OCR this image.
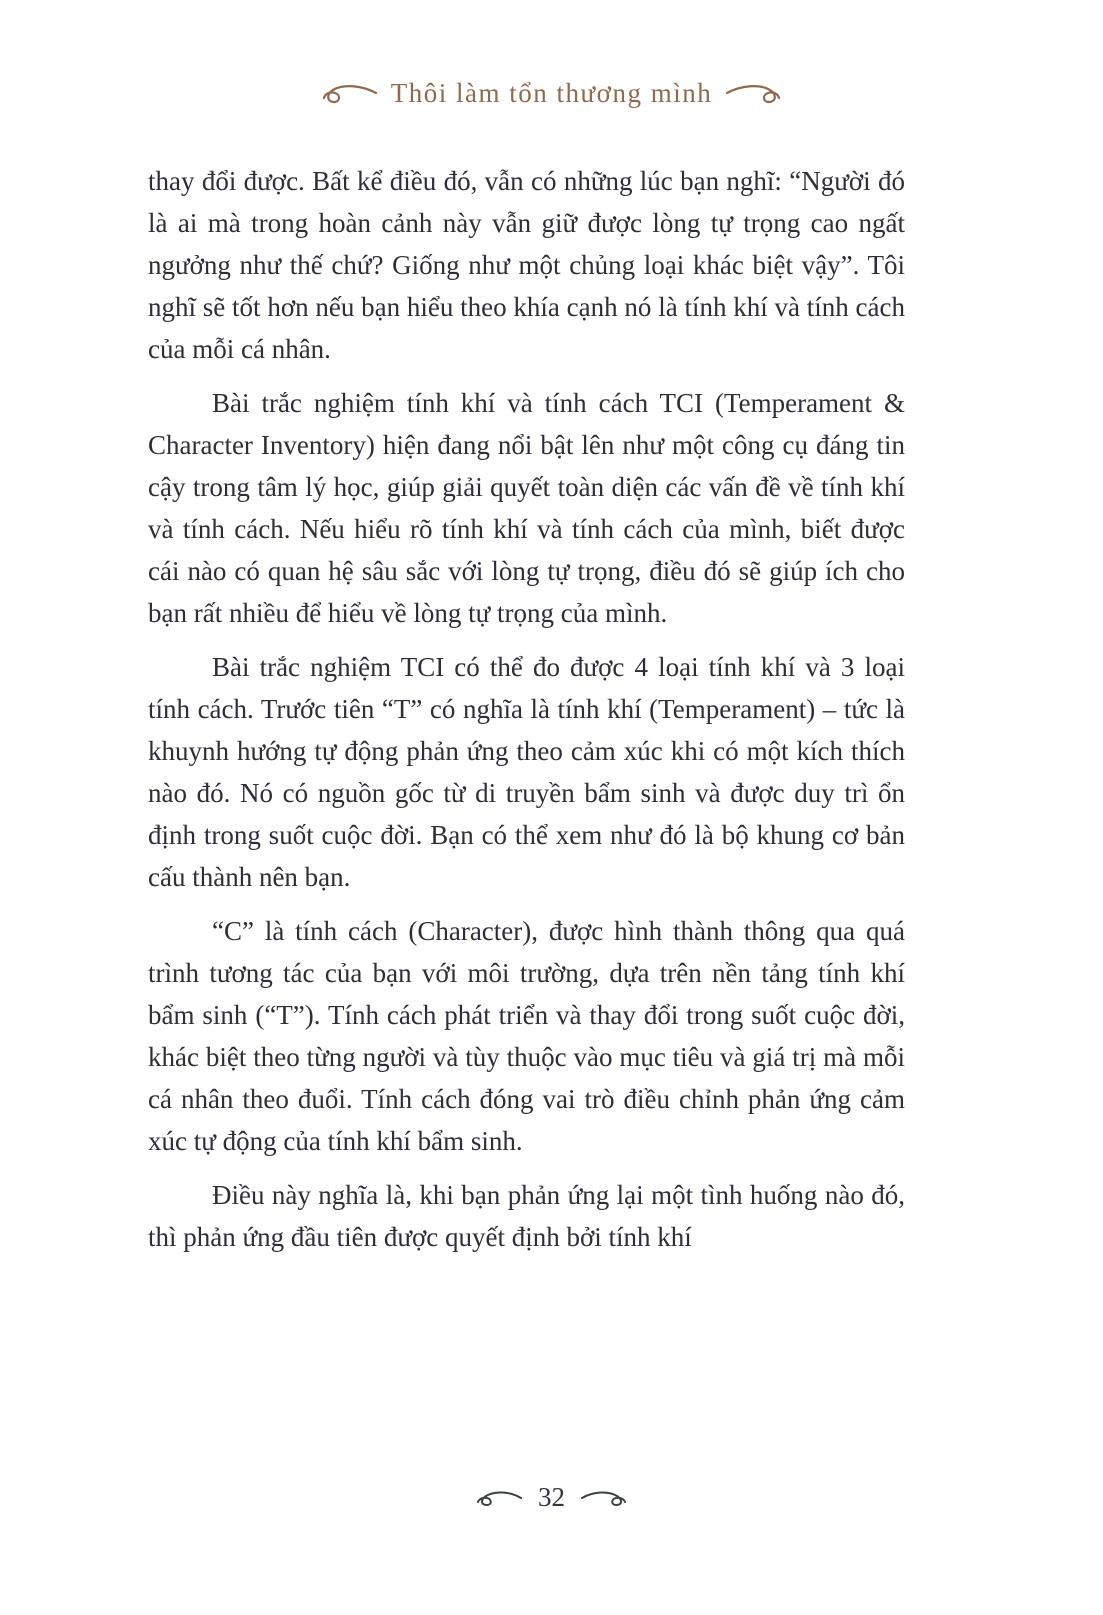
Thôi làm tổn thương mình

thay đổi được. Bất kể điều đó, vẫn có những lúc bạn nghĩ: “Người đó là ai mà trong hoàn cảnh này vẫn giữ được lòng tự trọng cao ngất ngưởng như thế chứ? Giống như một chủng loại khác biệt vậy”. Tôi nghĩ sẽ tốt hơn nếu bạn hiểu theo khía cạnh nó là tính khí và tính cách của mỗi cá nhân.

Bài trắc nghiệm tính khí và tính cách TCI (Temperament & Character Inventory) hiện đang nổi bật lên như một công cụ đáng tin cậy trong tâm lý học, giúp giải quyết toàn diện các vấn đề về tính khí và tính cách. Nếu hiểu rõ tính khí và tính cách của mình, biết được cái nào có quan hệ sâu sắc với lòng tự trọng, điều đó sẽ giúp ích cho bạn rất nhiều để hiểu về lòng tự trọng của mình.

Bài trắc nghiệm TCI có thể đo được 4 loại tính khí và 3 loại tính cách. Trước tiên “T” có nghĩa là tính khí (Temperament) – tức là khuynh hướng tự động phản ứng theo cảm xúc khi có một kích thích nào đó. Nó có nguồn gốc từ di truyền bẩm sinh và được duy trì ổn định trong suốt cuộc đời. Bạn có thể xem như đó là bộ khung cơ bản cấu thành nên bạn.

“C” là tính cách (Character), được hình thành thông qua quá trình tương tác của bạn với môi trường, dựa trên nền tảng tính khí bẩm sinh (“T”). Tính cách phát triển và thay đổi trong suốt cuộc đời, khác biệt theo từng người và tùy thuộc vào mục tiêu và giá trị mà mỗi cá nhân theo đuổi. Tính cách đóng vai trò điều chỉnh phản ứng cảm xúc tự động của tính khí bẩm sinh.

Điều này nghĩa là, khi bạn phản ứng lại một tình huống nào đó, thì phản ứng đầu tiên được quyết định bởi tính khí

32
